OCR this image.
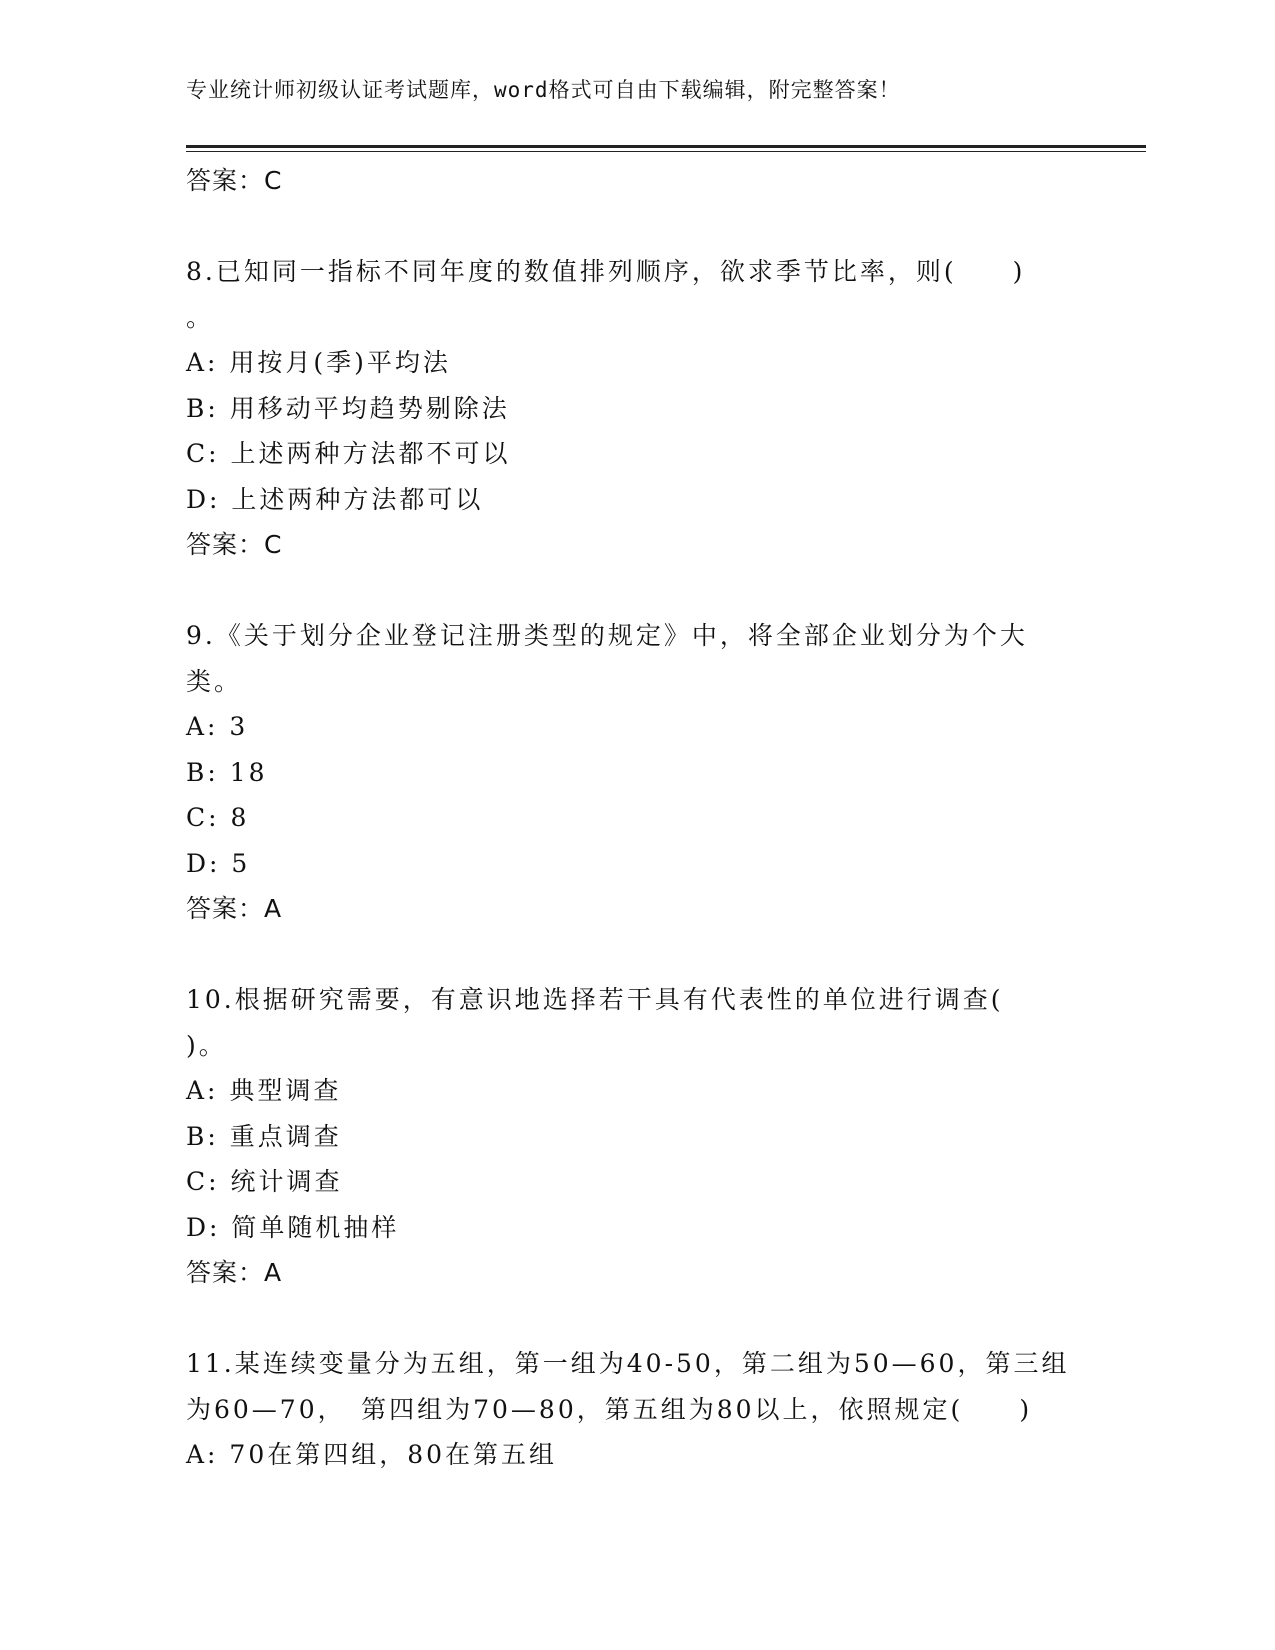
专业统计师初级认证考试题库，word格式可自由下载编辑，附完整答案！
答案：C
8.已知同一指标不同年度的数值排列顺序，欲求季节比率，则(　　)
。
A: 用按月(季)平均法
B: 用移动平均趋势剔除法
C: 上述两种方法都不可以
D: 上述两种方法都可以
答案：C
9.《关于划分企业登记注册类型的规定》中，将全部企业划分为个大
类。
A: 3
B: 18
C: 8
D: 5
答案：A
10.根据研究需要，有意识地选择若干具有代表性的单位进行调查(
)。
A: 典型调查
B: 重点调查
C: 统计调查
D: 简单随机抽样
答案：A
11.某连续变量分为五组，第一组为40-50，第二组为50—60，第三组
为60—70，　第四组为70—80，第五组为80以上，依照规定(　　)
A: 70在第四组，80在第五组
